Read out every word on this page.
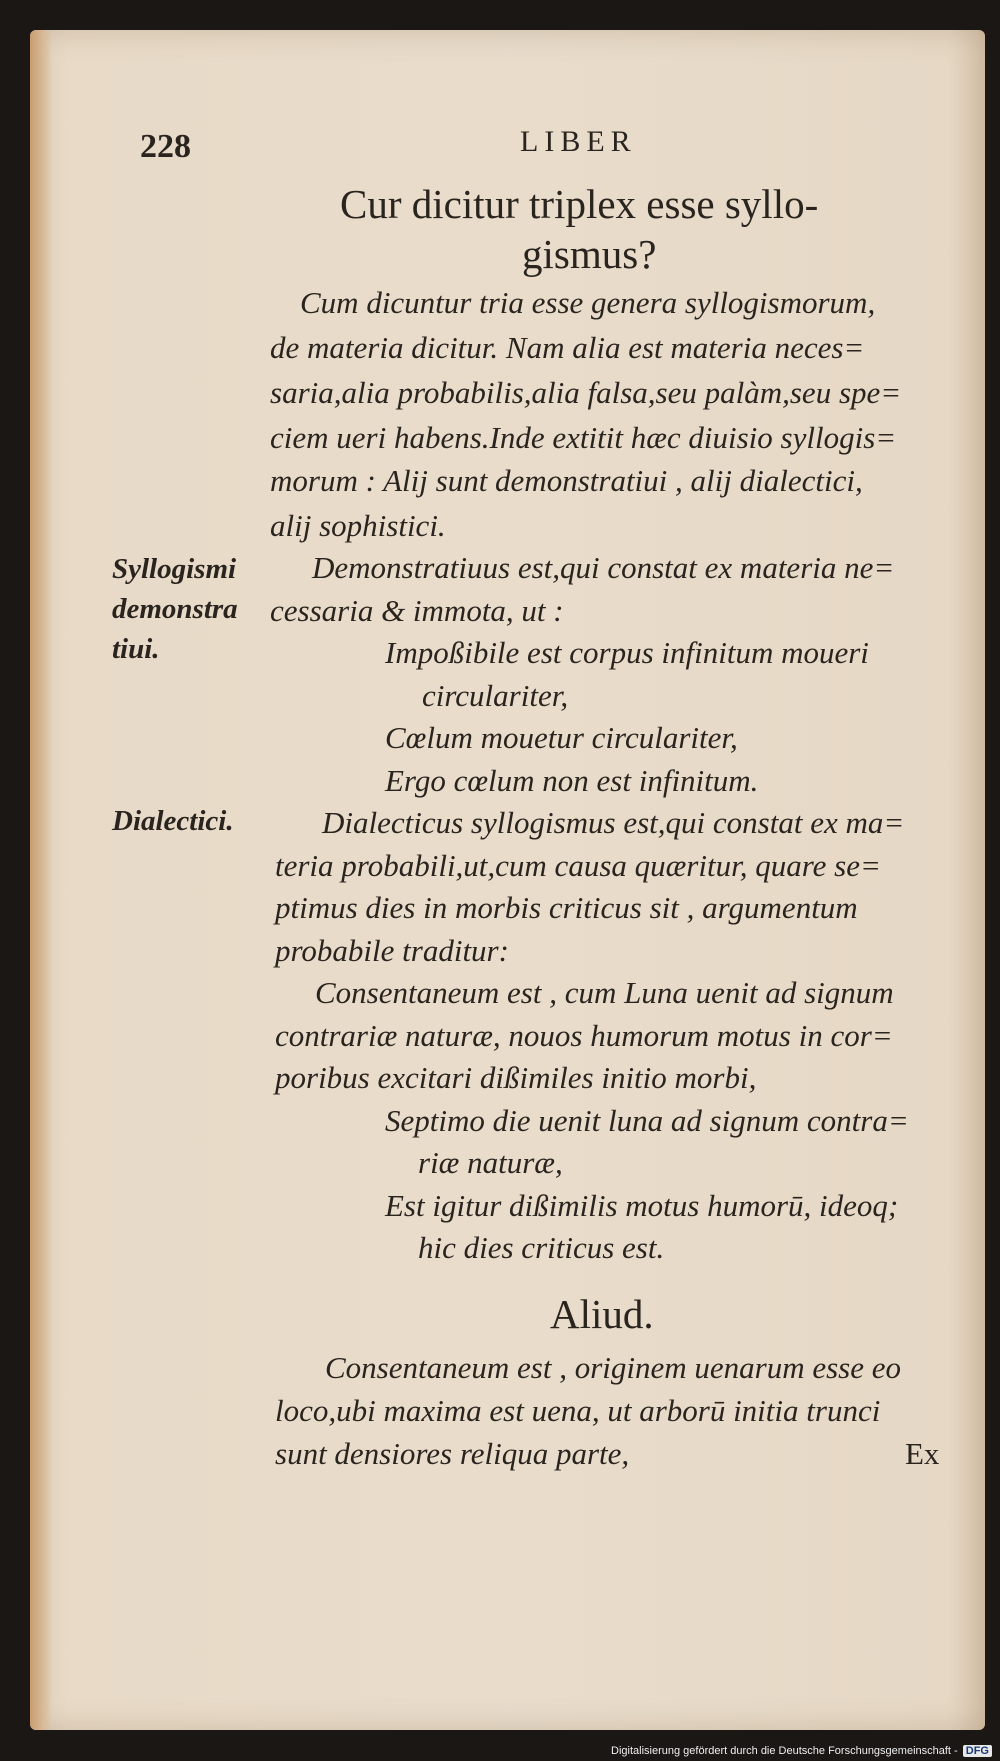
228	LIBER
Cur dicitur triplex esse syllo-
gismus?
Cum dicuntur tria esse genera syllogismorum,
de materia dicitur. Nam alia est materia neces=
saria,alia probabilis,alia falsa,seu palàm,seu spe=
ciem ueri habens.Inde extitit hæc diuisio syllogis=
morum : Alij sunt demonstratiui , alij dialectici,
alij sophistici.
Syllogismi
demonstra
tiui.
Demonstratiuus est,qui constat ex materia ne=
cessaria & immota, ut :
Impoßibile est corpus infinitum moueri
circulariter,
Cœlum mouetur circulariter,
Ergo cœlum non est infinitum.
Dialectici.	Dialecticus syllogismus est,qui constat ex ma=
teria probabili,ut,cum causa quæritur, quare se=
ptimus dies in morbis criticus sit , argumentum
probabile traditur:
Consentaneum est , cum Luna uenit ad signum
contrariæ naturæ, nouos humorum motus in cor=
poribus excitari dißimiles initio morbi,
Septimo die uenit luna ad signum contra=
riæ naturæ,
Est igitur dißimilis motus humorū, ideoq;
hic dies criticus est.
Aliud.
Consentaneum est , originem uenarum esse eo
loco,ubi maxima est uena, ut arborū initia trunci
sunt densiores reliqua parte,	Ex
Digitalisierung gefördert durch die Deutsche Forschungsgemeinschaft - DFG
